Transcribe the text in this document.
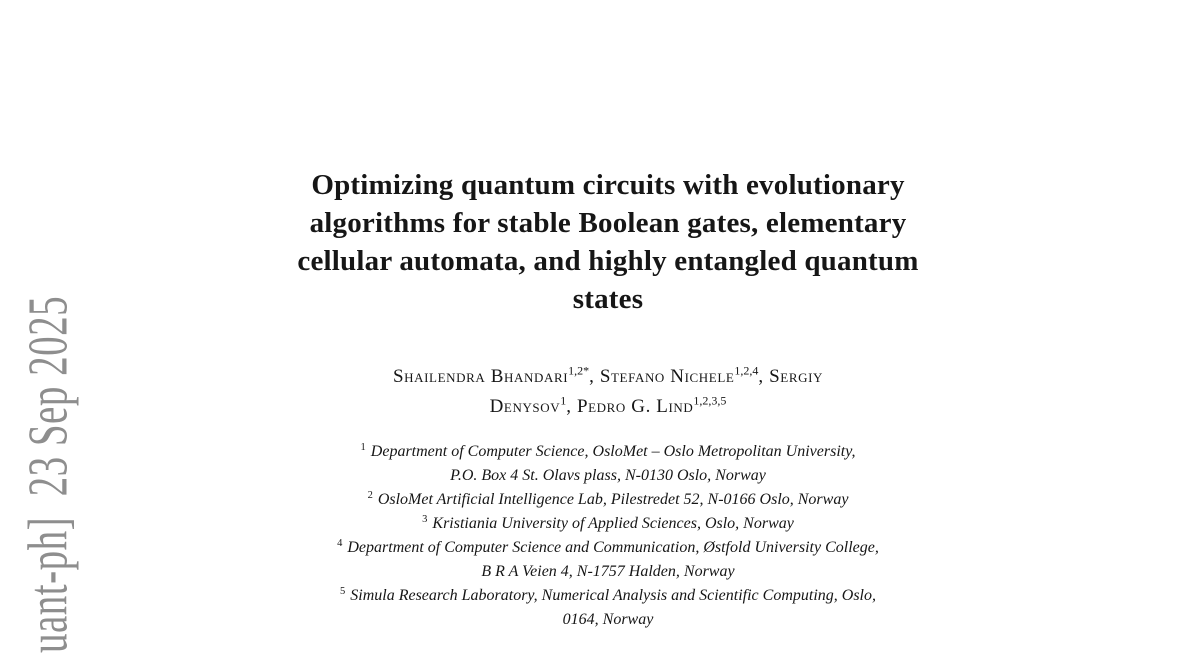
uant-ph]  23 Sep 2025
Optimizing quantum circuits with evolutionary
algorithms for stable Boolean gates, elementary
cellular automata, and highly entangled quantum
states
Shailendra Bhandari$^{1,2*}$, Stefano Nichele$^{1,2,4}$, Sergiy
Denysov$^1$, Pedro G. Lind$^{1,2,3,5}$
$^1$ Department of Computer Science, OsloMet – Oslo Metropolitan University,
P.O. Box 4 St. Olavs plass, N-0130 Oslo, Norway
$^2$ OsloMet Artificial Intelligence Lab, Pilestredet 52, N-0166 Oslo, Norway
$^3$ Kristiania University of Applied Sciences, Oslo, Norway
$^4$ Department of Computer Science and Communication, Østfold University College,
B R A Veien 4, N-1757 Halden, Norway
$^5$ Simula Research Laboratory, Numerical Analysis and Scientific Computing, Oslo,
0164, Norway
